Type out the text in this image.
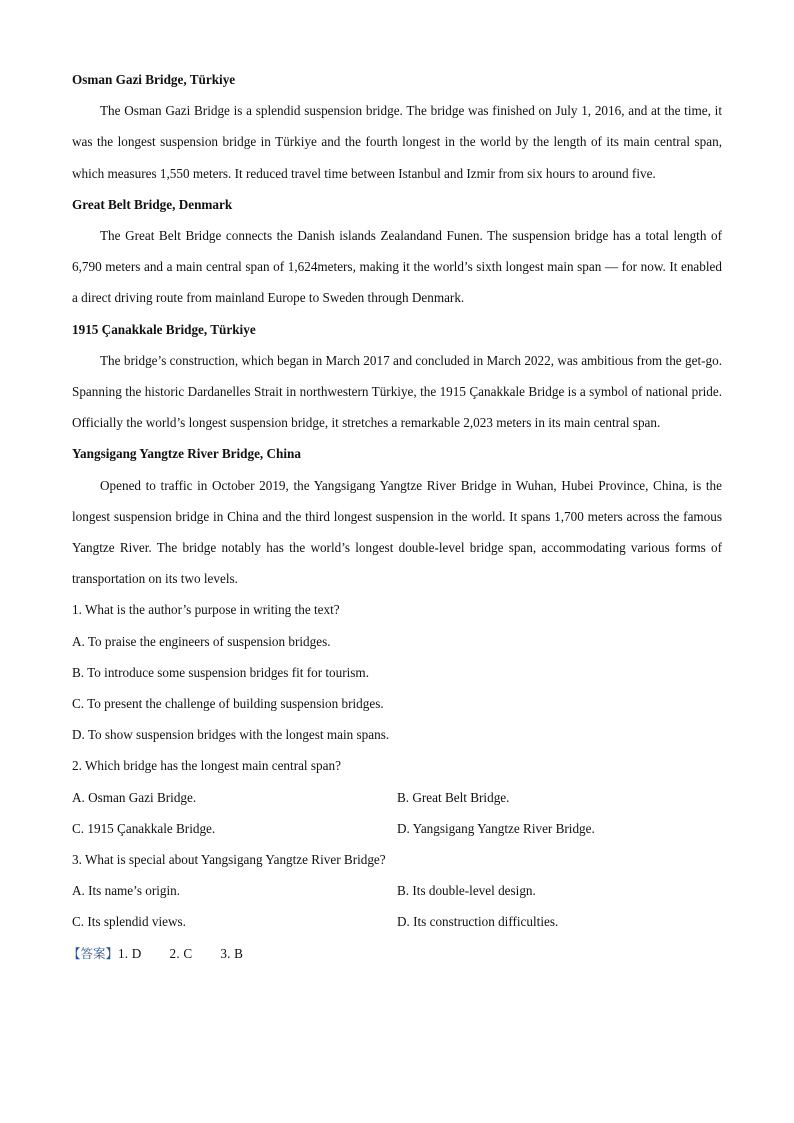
Osman Gazi Bridge, Türkiye

The Osman Gazi Bridge is a splendid suspension bridge. The bridge was finished on July 1, 2016, and at the time, it was the longest suspension bridge in Türkiye and the fourth longest in the world by the length of its main central span, which measures 1,550 meters. It reduced travel time between Istanbul and Izmir from six hours to around five.

Great Belt Bridge, Denmark

The Great Belt Bridge connects the Danish islands Zealandand Funen. The suspension bridge has a total length of 6,790 meters and a main central span of 1,624meters, making it the world’s sixth longest main span — for now. It enabled a direct driving route from mainland Europe to Sweden through Denmark.

1915 Çanakkale Bridge, Türkiye

The bridge’s construction, which began in March 2017 and concluded in March 2022, was ambitious from the get-go. Spanning the historic Dardanelles Strait in northwestern Türkiye, the 1915 Çanakkale Bridge is a symbol of national pride. Officially the world’s longest suspension bridge, it stretches a remarkable 2,023 meters in its main central span.

Yangsigang Yangtze River Bridge, China

Opened to traffic in October 2019, the Yangsigang Yangtze River Bridge in Wuhan, Hubei Province, China, is the longest suspension bridge in China and the third longest suspension in the world. It spans 1,700 meters across the famous Yangtze River. The bridge notably has the world’s longest double-level bridge span, accommodating various forms of transportation on its two levels.

1. What is the author’s purpose in writing the text?

A. To praise the engineers of suspension bridges.

B. To introduce some suspension bridges fit for tourism.

C. To present the challenge of building suspension bridges.

D. To show suspension bridges with the longest main spans.

2. Which bridge has the longest main central span?

A. Osman Gazi Bridge.	B. Great Belt Bridge.
C. 1915 Çanakkale Bridge.	D. Yangsigang Yangtze River Bridge.

3. What is special about Yangsigang Yangtze River Bridge?

A. Its name’s origin.	B. Its double-level design.
C. Its splendid views.	D. Its construction difficulties.

【答案】1. D 2. C 3. B
